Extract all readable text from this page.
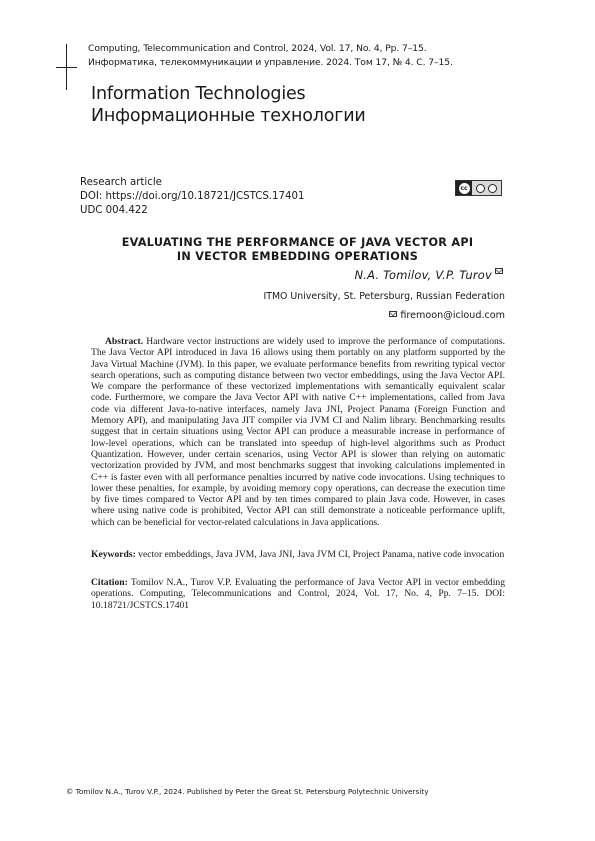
Computing, Telecommunication and Control, 2024, Vol. 17, No. 4, Pp. 7–15.
Информатика, телекоммуникации и управление. 2024. Том 17, № 4. С. 7–15.
Information Technologies
Информационные технологии
Research article
DOI: https://doi.org/10.18721/JCSTCS.17401
UDC 004.422
cc
EVALUATING THE PERFORMANCE OF JAVA VECTOR API
IN VECTOR EMBEDDING OPERATIONS
N.A. Tomilov, V.P. Turov
ITMO University, St. Petersburg, Russian Federation
firemoon@icloud.com
Abstract. Hardware vector instructions are widely used to improve the performance of computations. The Java Vector API introduced in Java 16 allows using them portably on any platform supported by the Java Virtual Machine (JVM). In this paper, we evaluate performance benefits from rewriting typical vector search operations, such as computing distance between two vector embeddings, using the Java Vector API. We compare the performance of these vectorized implementations with semantically equivalent scalar code. Furthermore, we compare the Java Vector API with native C++ implementations, called from Java code via different Java-to-native interfaces, namely Java JNI, Project Panama (Foreign Function and Memory API), and manipulating Java JIT compiler via JVM CI and Nalim library. Benchmarking results suggest that in certain situations using Vector API can produce a measurable increase in performance of low-level operations, which can be translated into speedup of high-level algorithms such as Product Quantization. However, under certain scenarios, using Vector API is slower than relying on automatic vectorization provided by JVM, and most benchmarks suggest that invoking calculations implemented in C++ is faster even with all performance penalties incurred by native code invocations. Using techniques to lower these penalties, for example, by avoiding memory copy operations, can decrease the execution time by five times compared to Vector API and by ten times compared to plain Java code. However, in cases where using native code is prohibited, Vector API can still demonstrate a noticeable performance uplift, which can be beneficial for vector-related calculations in Java applications.
Keywords: vector embeddings, Java JVM, Java JNI, Java JVM CI, Project Panama, native code invocation
Citation: Tomilov N.A., Turov V.P. Evaluating the performance of Java Vector API in vector embedding operations. Computing, Telecommunications and Control, 2024, Vol. 17, No. 4, Pp. 7–15. DOI: 10.18721/JCSTCS.17401
© Tomilov N.A., Turov V.P., 2024. Published by Peter the Great St. Petersburg Polytechnic University
